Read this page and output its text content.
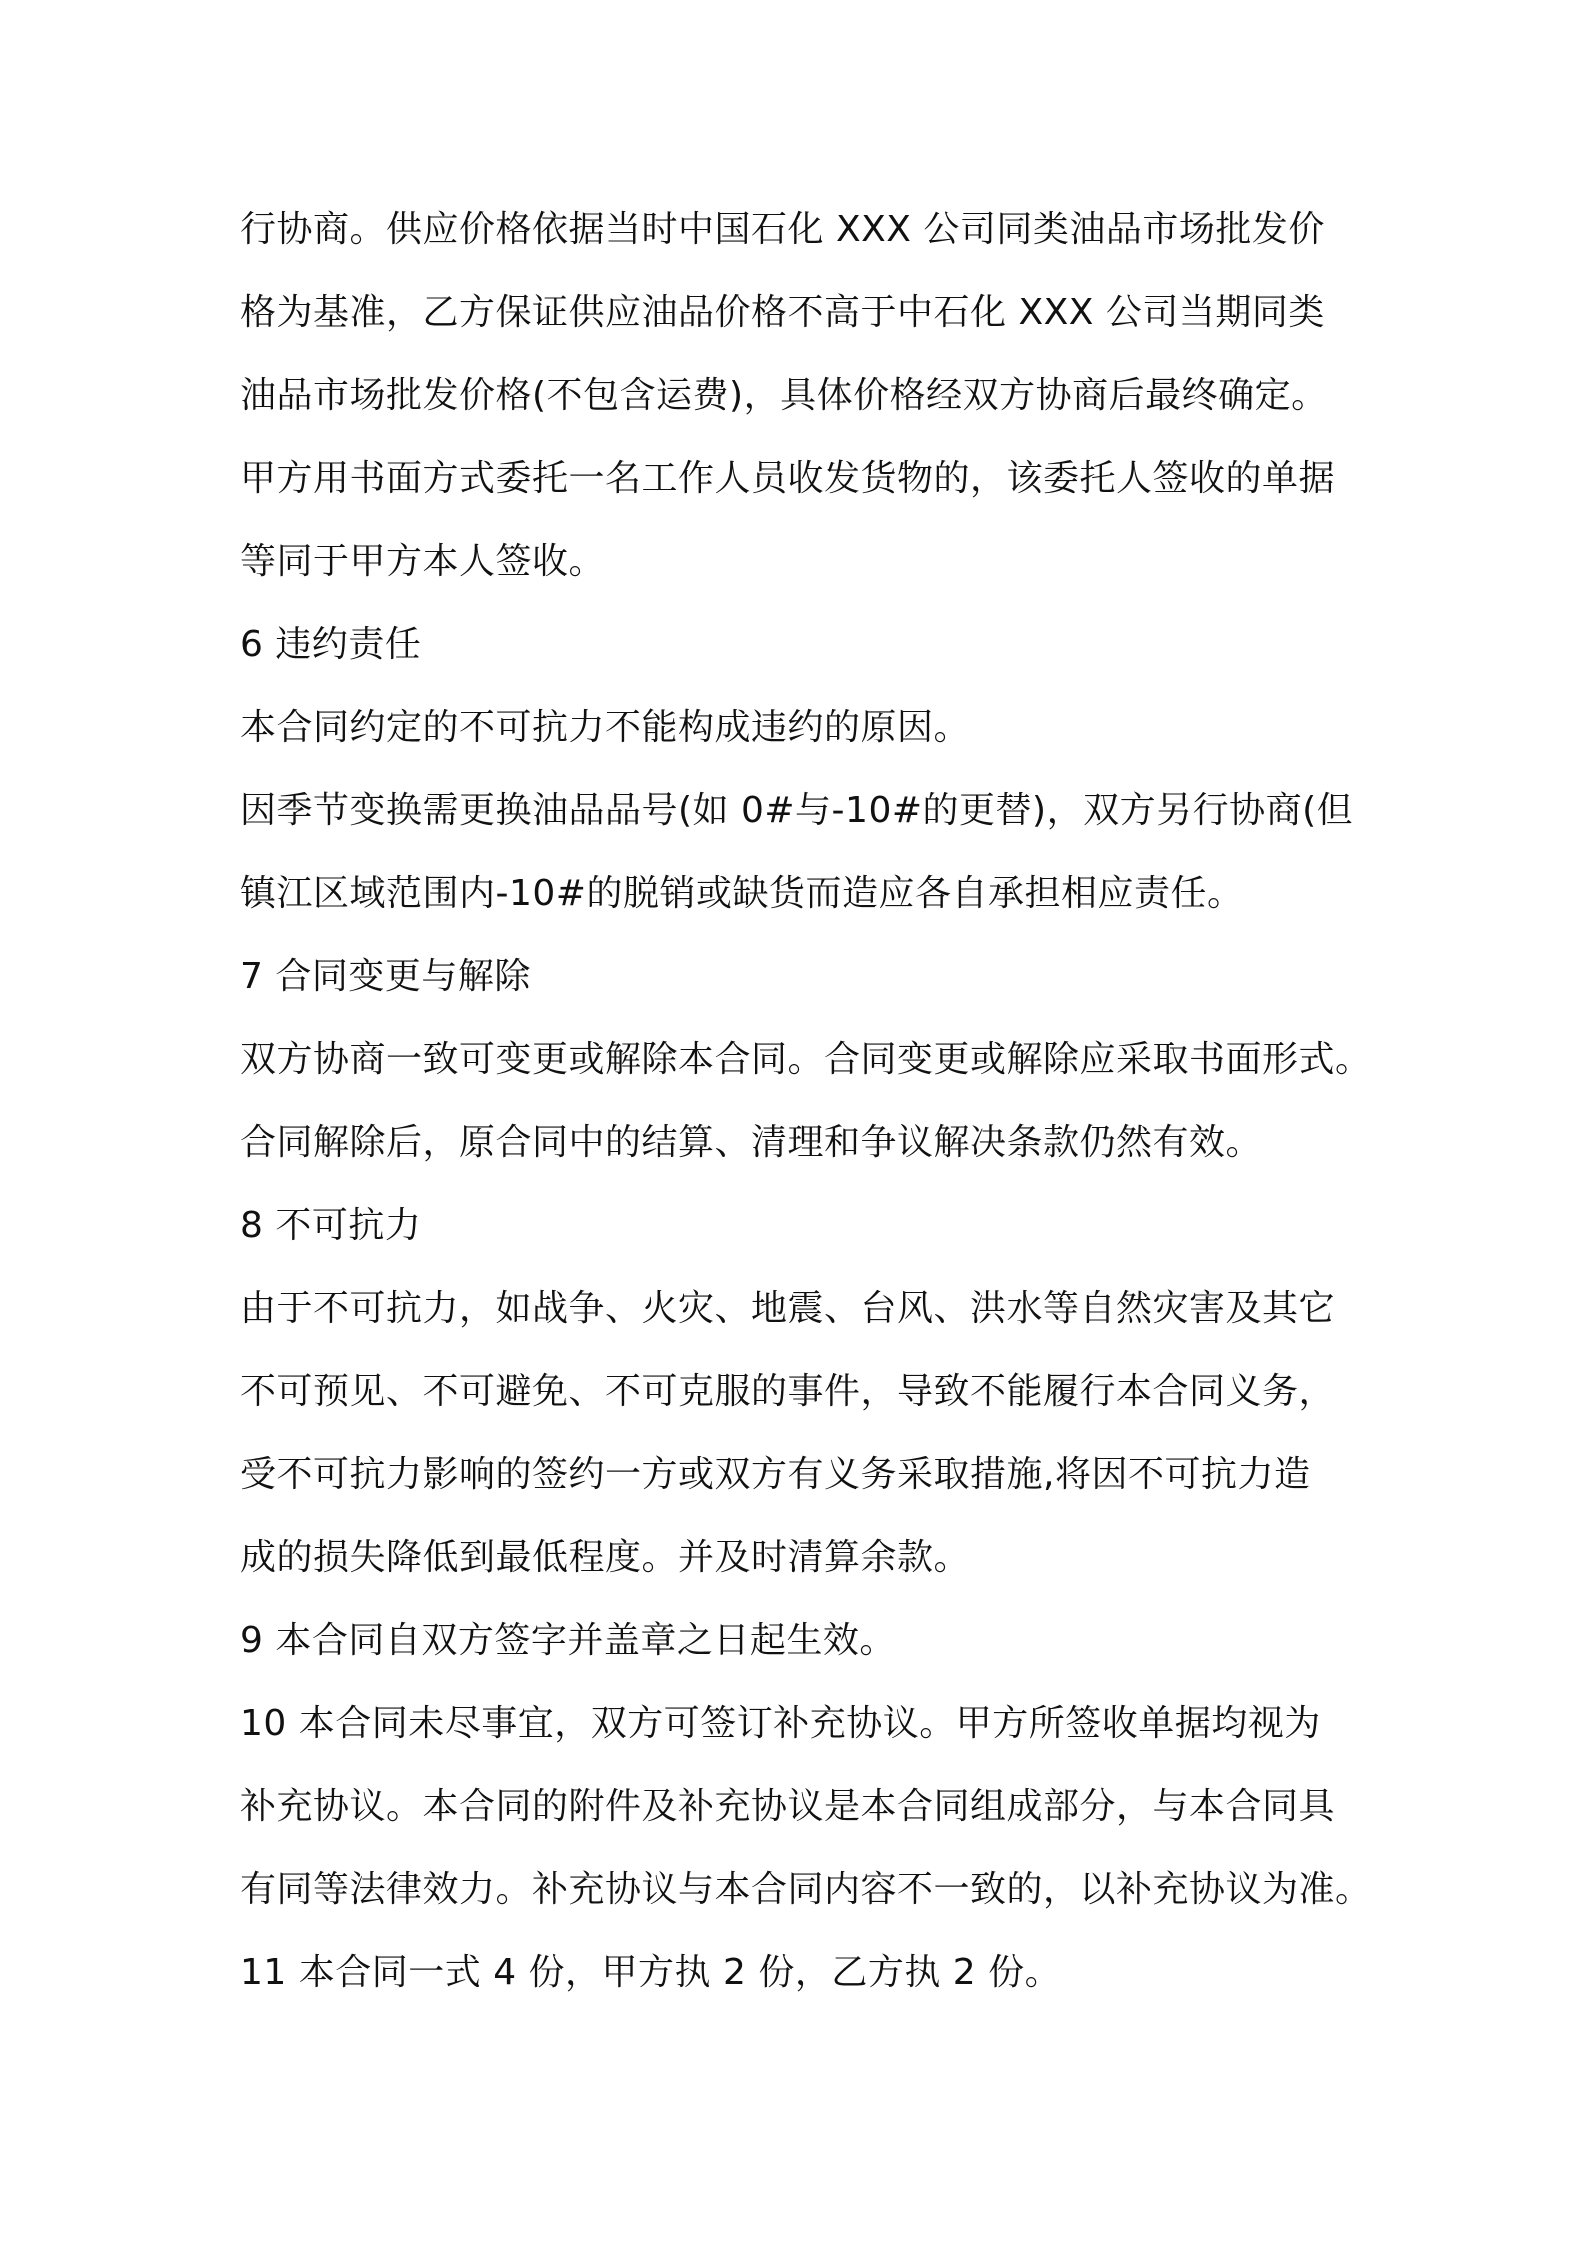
行协商。供应价格依据当时中国石化 XXX 公司同类油品市场批发价
格为基准，乙方保证供应油品价格不高于中石化 XXX 公司当期同类
油品市场批发价格(不包含运费)，具体价格经双方协商后最终确定。
甲方用书面方式委托一名工作人员收发货物的，该委托人签收的单据
等同于甲方本人签收。
6 违约责任
本合同约定的不可抗力不能构成违约的原因。
因季节变换需更换油品品号(如 0#与-10#的更替)，双方另行协商(但
镇江区域范围内-10#的脱销或缺货而造应各自承担相应责任。
7 合同变更与解除
双方协商一致可变更或解除本合同。合同变更或解除应采取书面形式。
合同解除后，原合同中的结算、清理和争议解决条款仍然有效。
8 不可抗力
由于不可抗力，如战争、火灾、地震、台风、洪水等自然灾害及其它
不可预见、不可避免、不可克服的事件，导致不能履行本合同义务，
受不可抗力影响的签约一方或双方有义务采取措施,将因不可抗力造
成的损失降低到最低程度。并及时清算余款。
9 本合同自双方签字并盖章之日起生效。
10 本合同未尽事宜，双方可签订补充协议。甲方所签收单据均视为
补充协议。本合同的附件及补充协议是本合同组成部分，与本合同具
有同等法律效力。补充协议与本合同内容不一致的，以补充协议为准。
11 本合同一式 4 份，甲方执 2 份，乙方执 2 份。
